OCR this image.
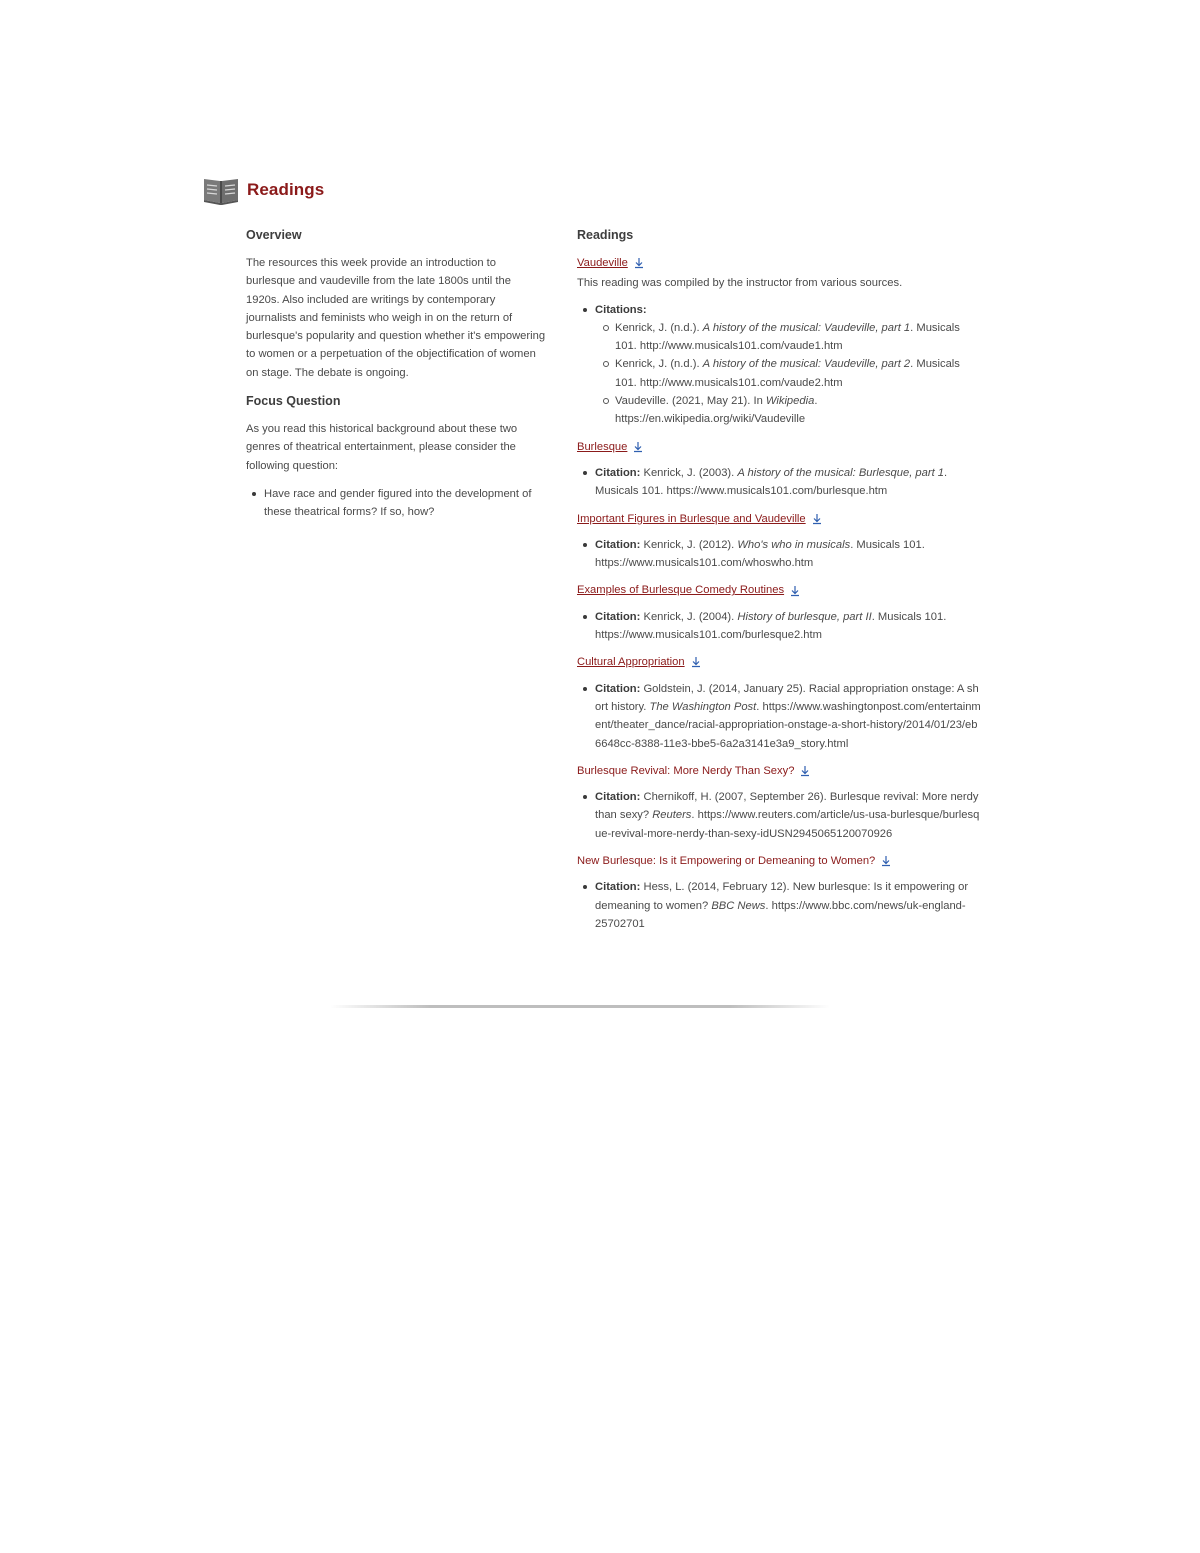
Readings
Overview

The resources this week provide an introduction to burlesque and vaudeville from the late 1800s until the 1920s. Also included are writings by contemporary journalists and feminists who weigh in on the return of burlesque's popularity and question whether it's empowering to women or a perpetuation of the objectification of women on stage. The debate is ongoing.

Focus Question

As you read this historical background about these two genres of theatrical entertainment, please consider the following question:

Have race and gender figured into the development of these theatrical forms? If so, how?
Readings
Vaudeville
This reading was compiled by the instructor from various sources.
Citations:
Kenrick, J. (n.d.). A history of the musical: Vaudeville, part 1. Musicals 101. http://www.musicals101.com/vaude1.htm
Kenrick, J. (n.d.). A history of the musical: Vaudeville, part 2. Musicals 101. http://www.musicals101.com/vaude2.htm
Vaudeville. (2021, May 21). In Wikipedia. https://en.wikipedia.org/wiki/Vaudeville
Burlesque
Citation: Kenrick, J. (2003). A history of the musical: Burlesque, part 1. Musicals 101. https://www.musicals101.com/burlesque.htm
Important Figures in Burlesque and Vaudeville
Citation: Kenrick, J. (2012). Who's who in musicals. Musicals 101. https://www.musicals101.com/whoswho.htm
Examples of Burlesque Comedy Routines
Citation: Kenrick, J. (2004). History of burlesque, part II. Musicals 101. https://www.musicals101.com/burlesque2.htm
Cultural Appropriation
Citation: Goldstein, J. (2014, January 25). Racial appropriation onstage: A short history. The Washington Post. https://www.washingtonpost.com/entertainment/theater_dance/racial-appropriation-onstage-a-short-history/2014/01/23/eb6648cc-8388-11e3-bbe5-6a2a3141e3a9_story.html
Burlesque Revival: More Nerdy Than Sexy?
Citation: Chernikoff, H. (2007, September 26). Burlesque revival: More nerdy than sexy? Reuters. https://www.reuters.com/article/us-usa-burlesque/burlesque-revival-more-nerdy-than-sexy-idUSN2945065120070926
New Burlesque: Is it Empowering or Demeaning to Women?
Citation: Hess, L. (2014, February 12). New burlesque: Is it empowering or demeaning to women? BBC News. https://www.bbc.com/news/uk-england-25702701
